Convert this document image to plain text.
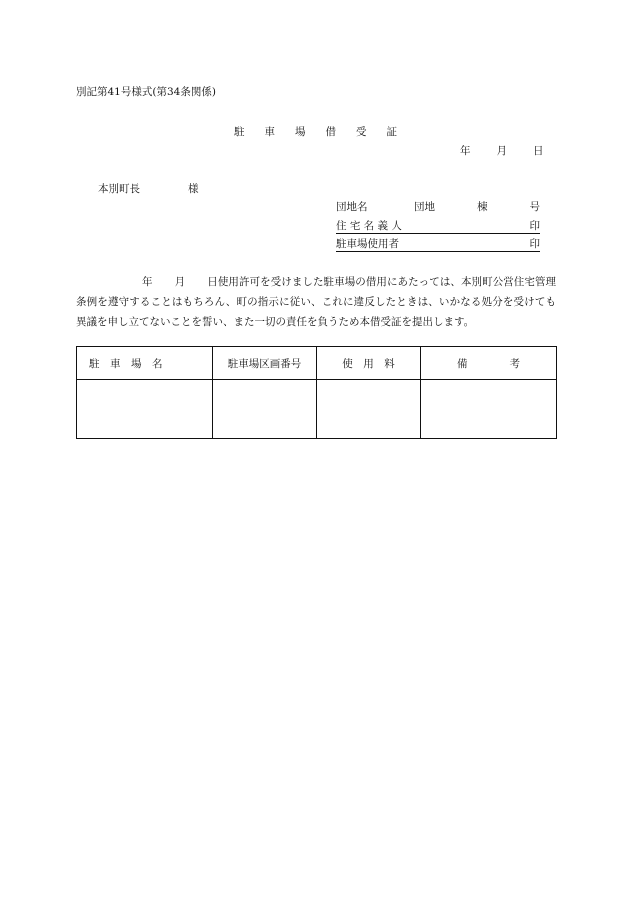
別記第41号様式(第34条関係)
駐車場借受証
年 月 日
本別町長	様
団地名	団地	棟	号
住 宅 名 義 人	印
駐車場使用者	印
年 月 日使用許可を受けました駐車場の借用にあたっては、本別町公営住宅管理条例を遵守することはもちろん、町の指示に従い、これに違反したときは、いかなる処分を受けても異議を申し立てないことを誓い、また一切の責任を負うため本借受証を提出します。
駐　車　場　名	駐車場区画番号	使　用　料	備　　　　考
